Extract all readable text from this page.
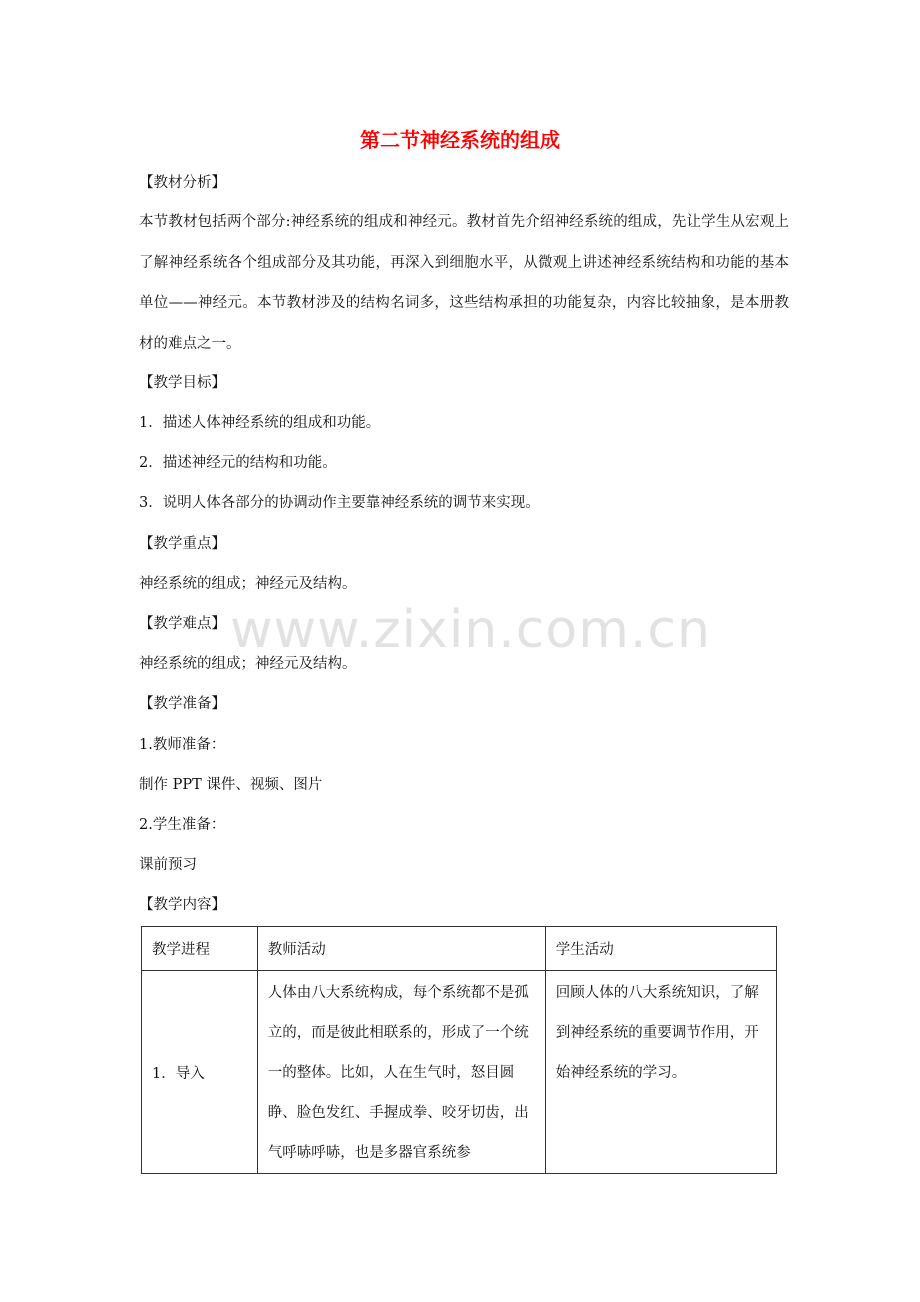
第二节神经系统的组成
【教材分析】

本节教材包括两个部分:神经系统的组成和神经元。教材首先介绍神经系统的组成，先让学生从宏观上了解神经系统各个组成部分及其功能，再深入到细胞水平，从微观上讲述神经系统结构和功能的基本单位——神经元。本节教材涉及的结构名词多，这些结构承担的功能复杂，内容比较抽象，是本册教材的难点之一。

【教学目标】
1．描述人体神经系统的组成和功能。
2．描述神经元的结构和功能。
3．说明人体各部分的协调动作主要靠神经系统的调节来实现。
【教学重点】
神经系统的组成；神经元及结构。
【教学难点】
神经系统的组成；神经元及结构。
【教学准备】
1.教师准备：
制作 PPT 课件、视频、图片
2.学生准备：
课前预习
【教学内容】
教学进程	教师活动	学生活动
1．导入	人体由八大系统构成，每个系统都不是孤立的，而是彼此相联系的，形成了一个统一的整体。比如，人在生气时，怒目圆睁、脸色发红、手握成拳、咬牙切齿，出气呼哧呼哧，也是多器官系统参	回顾人体的八大系统知识，了解到神经系统的重要调节作用，开始神经系统的学习。
www.zixin.com.cn
